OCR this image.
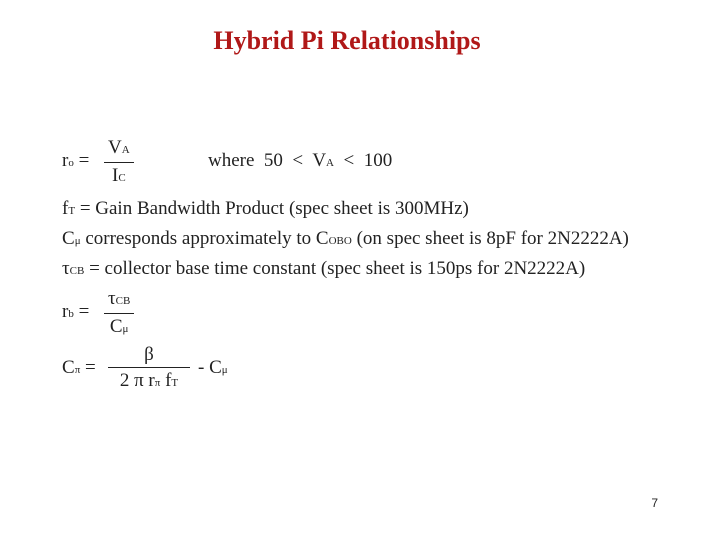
Hybrid Pi Relationships
ro =
VA
IC
where 50 < VA < 100
fT = Gain Bandwidth Product (spec sheet is 300MHz)
Cμ corresponds approximately to COBO (on spec sheet is 8pF for 2N2222A)
τCB = collector base time constant (spec sheet is 150ps for 2N2222A)
rb =
τCB
Cμ
Cπ =
β
2 π rπ fT
- Cμ
7
